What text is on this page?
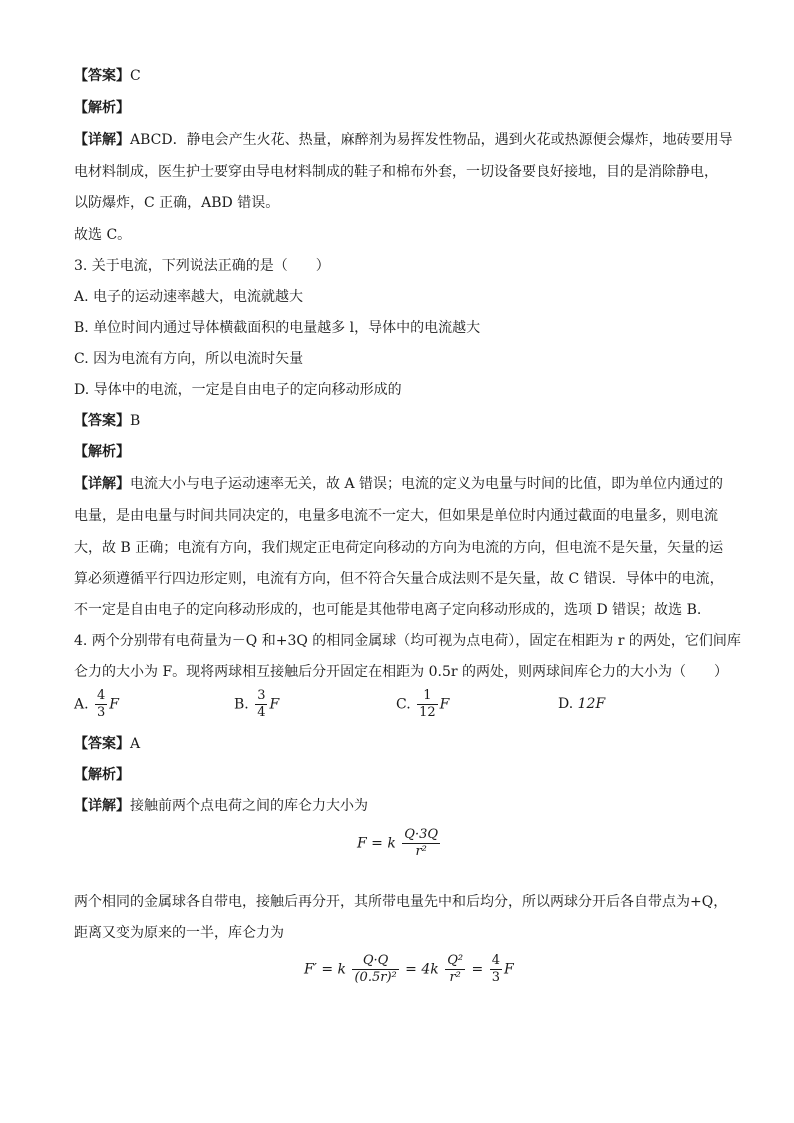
【答案】C
【解析】
【详解】ABCD．静电会产生火花、热量，麻醉剂为易挥发性物品，遇到火花或热源便会爆炸，地砖要用导
电材料制成，医生护士要穿由导电材料制成的鞋子和棉布外套，一切设备要良好接地，目的是消除静电，
以防爆炸，C 正确，ABD 错误。
故选 C。
3. 关于电流，下列说法正确的是（　　）
A. 电子的运动速率越大，电流就越大
B. 单位时间内通过导体横截面积的电量越多 l，导体中的电流越大
C. 因为电流有方向，所以电流时矢量
D. 导体中的电流，一定是自由电子的定向移动形成的
【答案】B
【解析】
【详解】电流大小与电子运动速率无关，故 A 错误；电流的定义为电量与时间的比值，即为单位内通过的
电量，是由电量与时间共同决定的，电量多电流不一定大，但如果是单位时内通过截面的电量多，则电流
大，故 B 正确；电流有方向，我们规定正电荷定向移动的方向为电流的方向，但电流不是矢量，矢量的运
算必须遵循平行四边形定则，电流有方向，但不符合矢量合成法则不是矢量，故 C 错误．导体中的电流，
不一定是自由电子的定向移动形成的，也可能是其他带电离子定向移动形成的，选项 D 错误；故选 B.
4. 两个分别带有电荷量为－Q 和+3Q 的相同金属球（均可视为点电荷），固定在相距为 r 的两处，它们间库
仑力的大小为 F。现将两球相互接触后分开固定在相距为 0.5r 的两处，则两球间库仑力的大小为（　　）
A. $\frac{4}{3}$ F	B. $\frac{3}{4}$ F	C. $\frac{1}{12}$ F	D. 12F
【答案】A
【解析】
【详解】接触前两个点电荷之间的库仑力大小为
F = k $\frac{Q\cdot 3Q}{\text{r²}}$
两个相同的金属球各自带电，接触后再分开，其所带电量先中和后均分，所以两球分开后各自带点为+Q，
距离又变为原来的一半，库仑力为
F′ = k $\frac{Q\cdot Q}{\text{(0.5r)²}} = 4k \frac{\text{Q²}}{\text{r²}} = \frac{4}{3}$ F
